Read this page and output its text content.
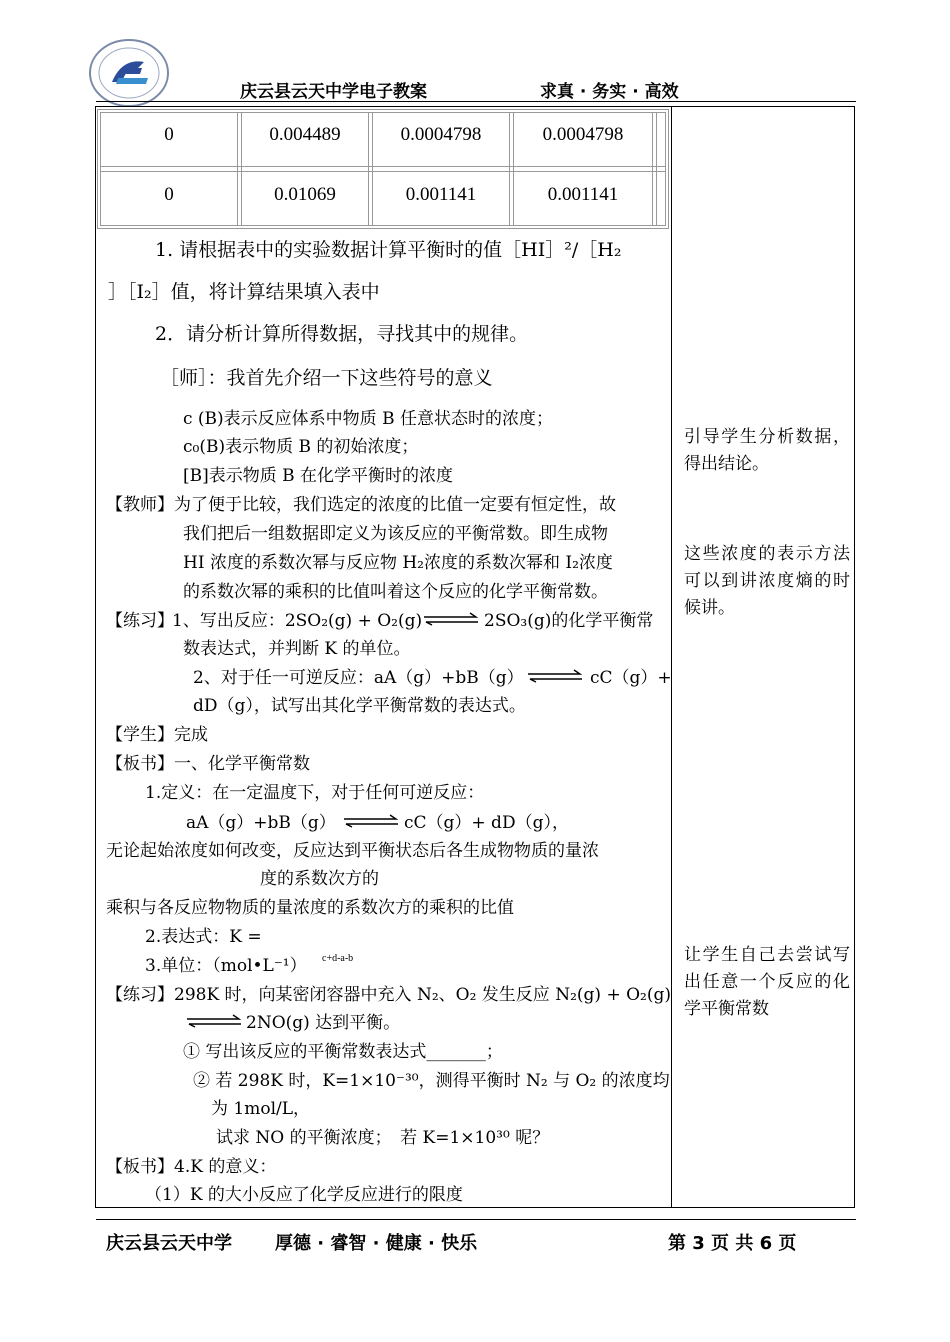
庆云县云天中学电子教案	求真 · 务实 · 高效
0	0.004489	0.0004798	0.0004798
0	0.01069	0.001141	0.001141
1. 请根据表中的实验数据计算平衡时的值［HI］²/［H₂
］［I₂］值，将计算结果填入表中
2．请分析计算所得数据，寻找其中的规律。
［师］：我首先介绍一下这些符号的意义
c (B)表示反应体系中物质 B 任意状态时的浓度；
c₀(B)表示物质 B 的初始浓度；
[B]表示物质 B 在化学平衡时的浓度
【教师】 为了便于比较，我们选定的浓度的比值一定要有恒定性，故
我们把后一组数据即定义为该反应的平衡常数。即生成物
HI 浓度的系数次幂与反应物 H₂浓度的系数次幂和 I₂浓度
的系数次幂的乘积的比值叫着这个反应的化学平衡常数。
【练习】
1、写出反应：2SO₂(g) + O₂(g) ⇌ 2SO₃(g)的化学平衡常
数表达式，并判断 K 的单位。
2、对于任一可逆反应：aA（g）+bB（g） ⇌ cC（g）+
dD（g），试写出其化学平衡常数的表达式。
【学生】完成
【板书】一、化学平衡常数
1.定义：在一定温度下，对于任何可逆反应：
aA（g）+bB（g） ⇌ cC（g）+ dD（g），
无论起始浓度如何改变，反应达到平衡状态后各生成物物质的量浓
度的系数次方的
乘积与各反应物物质的量浓度的系数次方的乘积的比值
2.表达式：K =
3.单位：（mol•L⁻¹） c+d-a-b
【练习】298K 时，向某密闭容器中充入 N₂、O₂ 发生反应 N₂(g) + O₂(g)
⇌ 2NO(g) 达到平衡。
① 写出该反应的平衡常数表达式_______；
② 若 298K 时，K=1×10⁻³⁰，测得平衡时 N₂ 与 O₂ 的浓度均
为 1mol/L，
试求 NO 的平衡浓度；　若 K=1×10³⁰ 呢？
【板书】4.K 的意义：
（1）K 的大小反应了化学反应进行的限度
引导学生分析数据，得出结论。
这些浓度的表示方法可以到讲浓度熵的时候讲。
让学生自己去尝试写出任意一个反应的化学平衡常数
庆云县云天中学 厚德 · 睿智 · 健康 · 快乐	第 3 页 共 6 页
